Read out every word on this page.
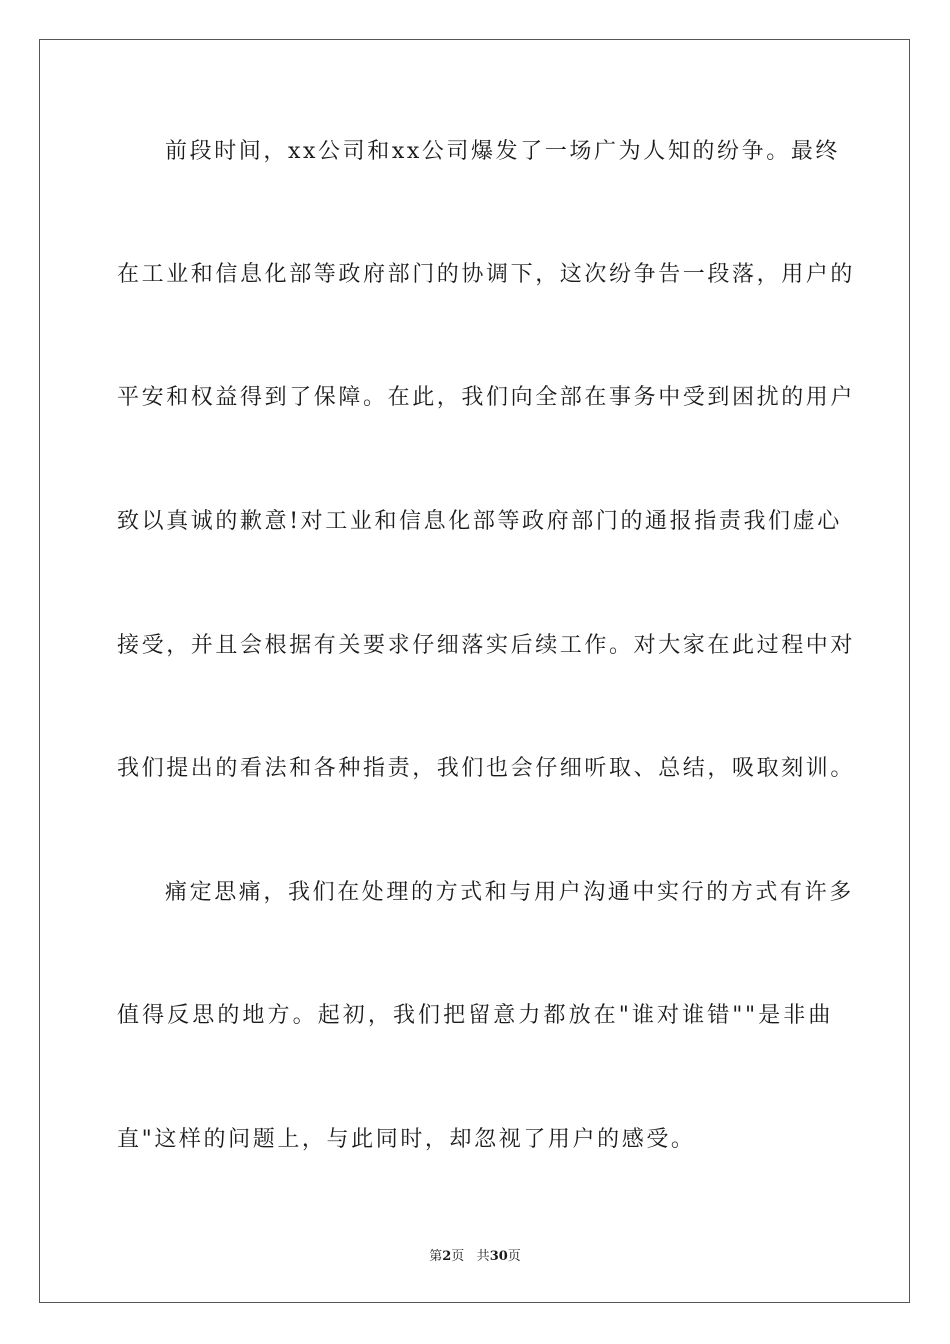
前段时间，xx公司和xx公司爆发了一场广为人知的纷争。最终
在工业和信息化部等政府部门的协调下，这次纷争告一段落，用户的
平安和权益得到了保障。在此，我们向全部在事务中受到困扰的用户
致以真诚的歉意!对工业和信息化部等政府部门的通报指责我们虚心
接受，并且会根据有关要求仔细落实后续工作。对大家在此过程中对
我们提出的看法和各种指责，我们也会仔细听取、总结，吸取刻训。
痛定思痛，我们在处理的方式和与用户沟通中实行的方式有许多
值得反思的地方。起初，我们把留意力都放在"谁对谁错""是非曲
直"这样的问题上，与此同时，却忽视了用户的感受。
第2页 共30页
